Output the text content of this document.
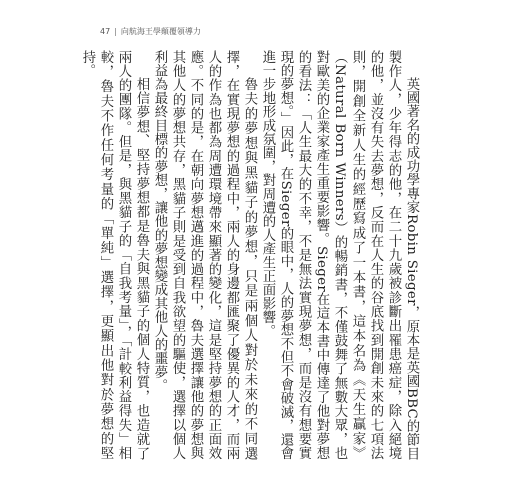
47 | 向航海王學顛覆領導力

英國著名的成功學專家Robin Sieger，原本是英國BBC的節目製作人，少年得志的他，在二十九歲被診斷出罹患癌症，除入絕境的他，並沒有失去夢想，反而在人生的谷底找到開創未來的七項法則，開創全新人生的經歷寫成了一本書，這本名為《天生贏家》（Natural Born Winners）的暢銷書，不僅鼓舞了無數大眾，也對歐美的企業家產生重要影響。Sieger在這本書中傳達了他對夢想的看法：「人生最大的不幸，不是無法實現夢想，而是沒有想要實現的夢想。」因此，在Sieger的眼中，人的夢想不但不會破滅，還會進一步地形成氛圍，對周遭的人產生正面影響。

魯夫的夢想與黑貓子的夢想，只是兩個人對於未來的不同選擇，在實現夢想的過程中，兩人的身邊都匯聚了優異的人才，而兩人的作為也都為周遭環境帶來顯著的變化，這是堅持夢想的正面效應。不同的是，在朝向夢想邁進的過程中，魯夫選擇讓他的夢想與其他人的夢想共存，黑貓子則是受到自我欲望的驅使，選擇以個人利益為最終目標的夢想，讓他的夢想變成其他人的噩夢。

相信夢想、堅持夢想都是魯夫與黑貓子的個人特質，也造就了兩人的團隊。但是，與黑貓子的「自我考量」，「計較利益得失」相較，魯夫不作任何考量的「單純」選擇，更顯出他對於夢想的堅持。
